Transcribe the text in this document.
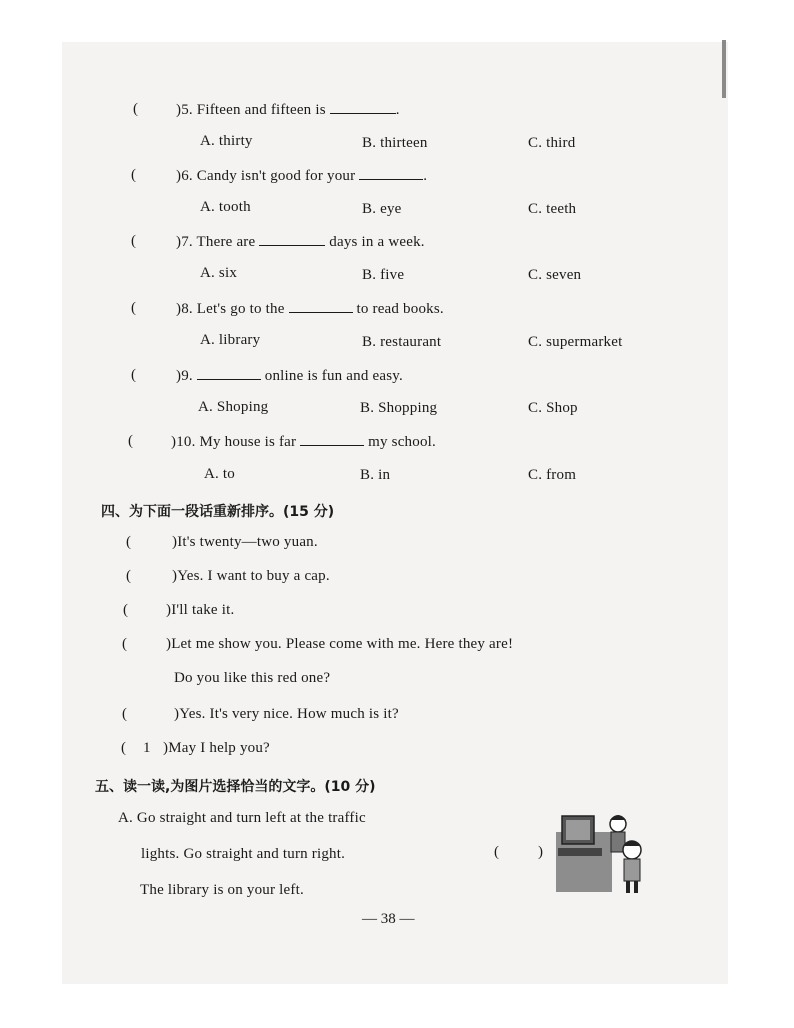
(	)5. Fifteen and fifteen is	.
A. thirty	B. thirteen	C. third
(	)6. Candy isn't good for your	.
A. tooth	B. eye	C. teeth
(	)7. There are	days in a week.
A. six	B. five	C. seven
(	)8. Let's go to the	to read books.
A. library	B. restaurant	C. supermarket
(	)9.	online is fun and easy.
A. Shoping	B. Shopping	C. Shop
(	)10. My house is far	my school.
A. to	B. in	C. from
四、为下面一段话重新排序。(15 分)
(	)It's twenty—two yuan.
(	)Yes. I want to buy a cap.
(	)I'll take it.
(	)Let me show you. Please come with me. Here they are!
Do you like this red one?
(	)Yes. It's very nice. How much is it?
( 1 )May I help you?
五、读一读,为图片选择恰当的文字。(10 分)
A. Go straight and turn left at the traffic
lights. Go straight and turn right.	(	)
The library is on your left.
— 38 —
